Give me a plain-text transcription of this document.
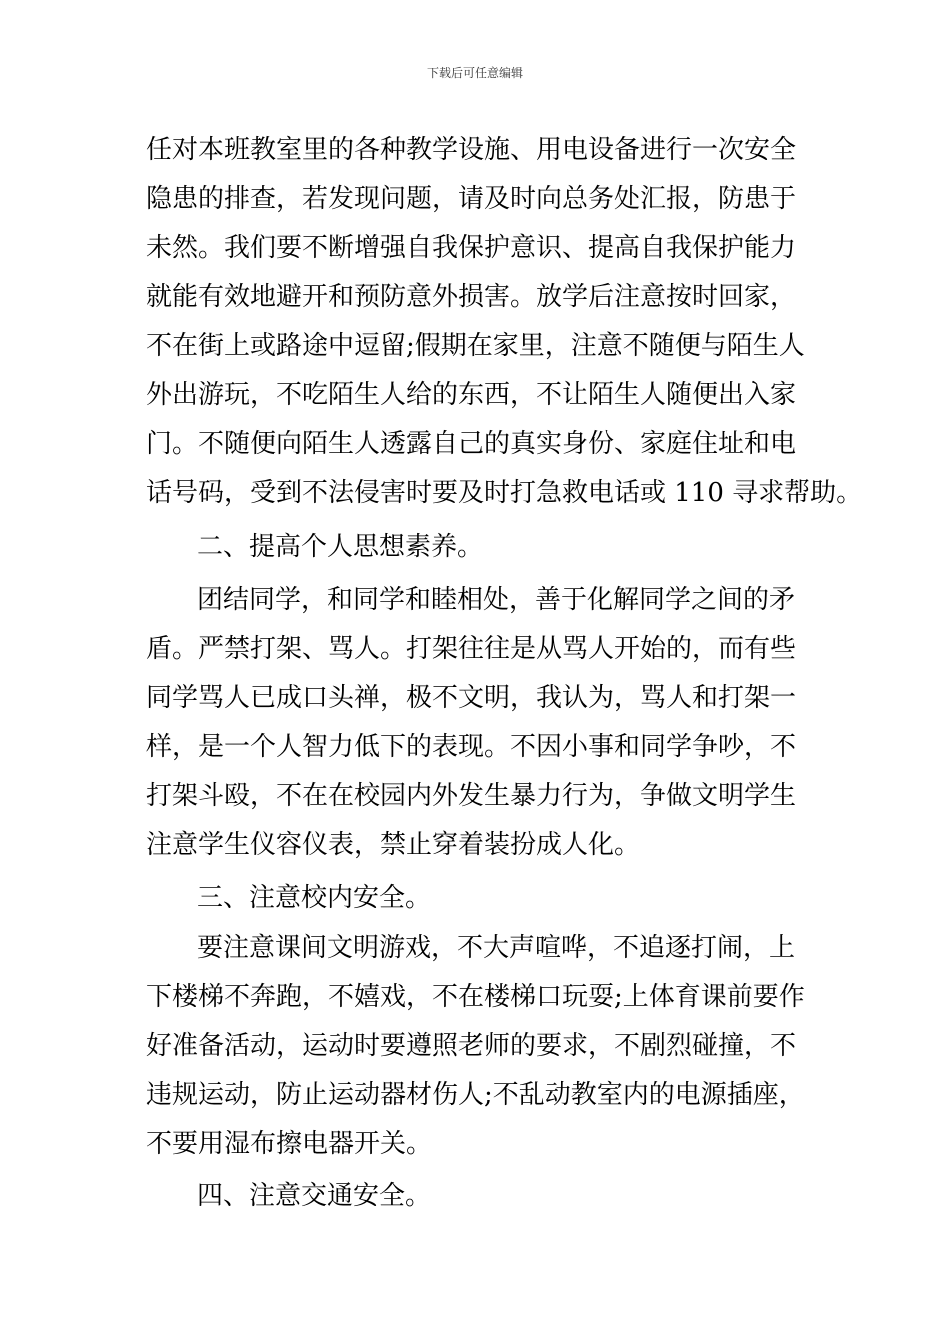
下载后可任意编辑
任对本班教室里的各种教学设施、用电设备进行一次安全
隐患的排查，若发现问题，请及时向总务处汇报，防患于
未然。我们要不断增强自我保护意识、提高自我保护能力
就能有效地避开和预防意外损害。放学后注意按时回家，
不在街上或路途中逗留;假期在家里，注意不随便与陌生人
外出游玩，不吃陌生人给的东西，不让陌生人随便出入家
门。不随便向陌生人透露自己的真实身份、家庭住址和电
话号码，受到不法侵害时要及时打急救电话或 110 寻求帮助。
二、提高个人思想素养。
团结同学，和同学和睦相处，善于化解同学之间的矛
盾。严禁打架、骂人。打架往往是从骂人开始的，而有些
同学骂人已成口头禅，极不文明，我认为，骂人和打架一
样，是一个人智力低下的表现。不因小事和同学争吵，不
打架斗殴，不在在校园内外发生暴力行为，争做文明学生
注意学生仪容仪表，禁止穿着装扮成人化。
三、注意校内安全。
要注意课间文明游戏，不大声喧哗，不追逐打闹，上
下楼梯不奔跑，不嬉戏，不在楼梯口玩耍;上体育课前要作
好准备活动，运动时要遵照老师的要求，不剧烈碰撞，不
违规运动，防止运动器材伤人;不乱动教室内的电源插座，
不要用湿布擦电器开关。
四、注意交通安全。
